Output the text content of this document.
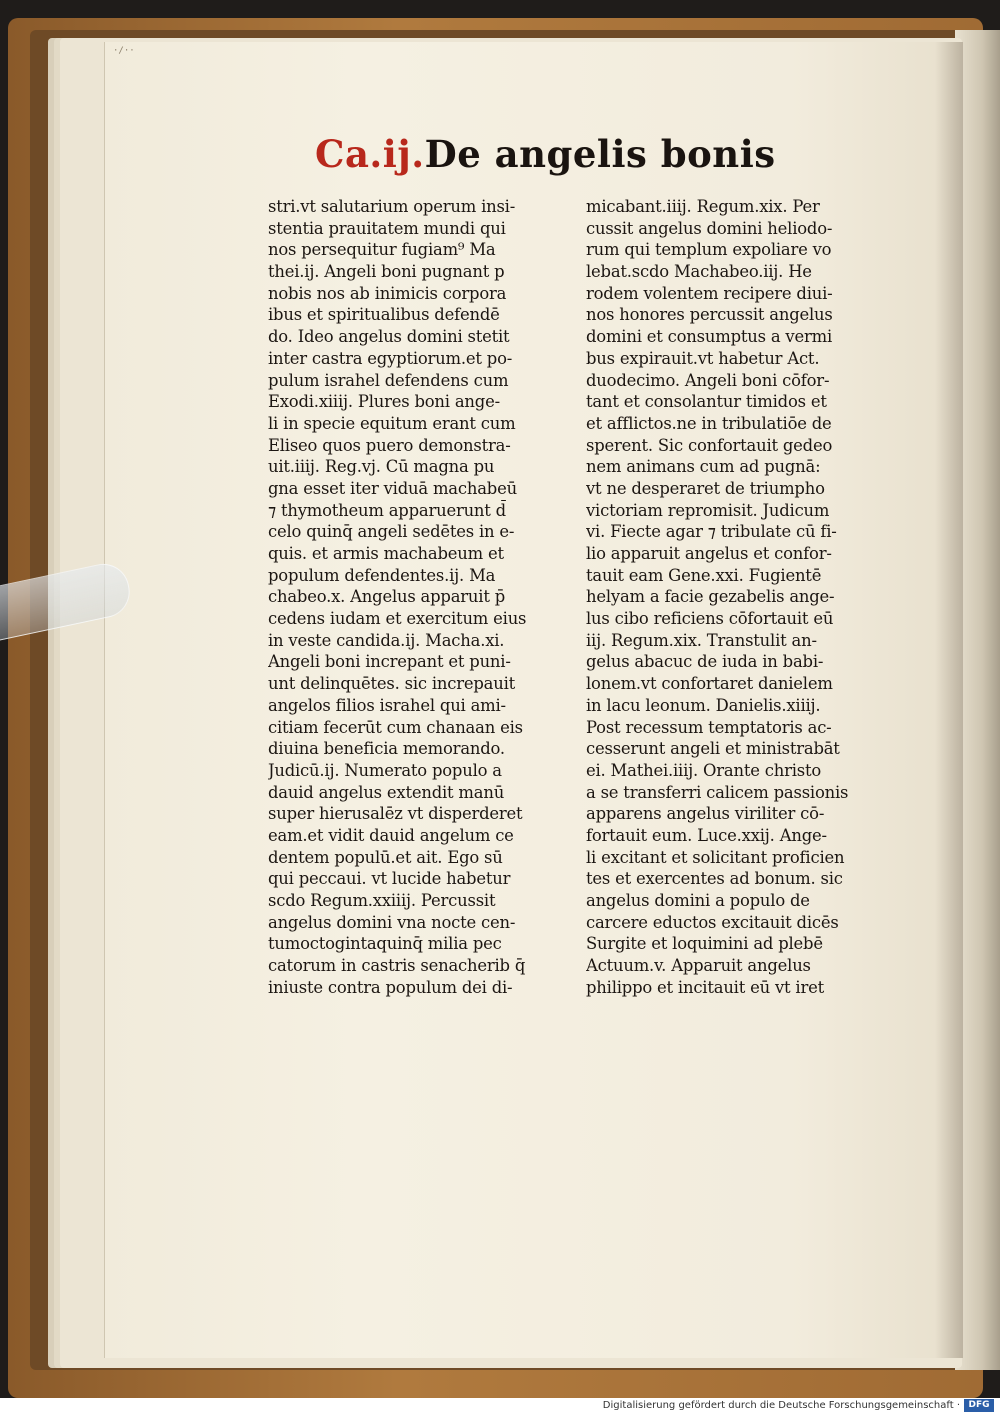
·/··
Ca.ij.De angelis bonis
stri.vt salutarium operum insi-
stentia prauitatem mundi qui
nos persequitur fugiam⁹ Ma
thei.ij. Angeli boni pugnant p
nobis nos ab inimicis corpora
ibus et spiritualibus defendē
do. Ideo angelus domini stetit
inter castra egyptiorum.et po-
pulum israhel defendens cum
Exodi.xiiij. Plures boni ange-
li in specie equitum erant cum
Eliseo quos puero demonstra-
uit.iiij. Reg.vj. Cū magna pu
gna esset iter viduā machabeū
⁊ thymotheum apparuerunt d̄
celo quinq̄ angeli sedētes in e-
quis. et armis machabeum et
populum defendentes.ij. Ma
chabeo.x. Angelus apparuit p̄
cedens iudam et exercitum eius
in veste candida.ij. Macha.xi.
Angeli boni increpant et puni-
unt delinquētes. sic increpauit
angelos filios israhel qui ami-
citiam fecerūt cum chanaan eis
diuina beneficia memorando.
Judicū.ij. Numerato populo a
dauid angelus extendit manū
super hierusalēz vt disperderet
eam.et vidit dauid angelum ce
dentem populū.et ait. Ego sū
qui peccaui. vt lucide habetur
scdo Regum.xxiiij. Percussit
angelus domini vna nocte cen-
tumoctogintaquinq̄ milia pec
catorum in castris senacherib q̄
iniuste contra populum dei di-
micabant.iiij. Regum.xix. Per
cussit angelus domini heliodo-
rum qui templum expoliare vo
lebat.scdo Machabeo.iij. He
rodem volentem recipere diui-
nos honores percussit angelus
domini et consumptus a vermi
bus expirauit.vt habetur Act.
duodecimo. Angeli boni cōfor-
tant et consolantur timidos et
et afflictos.ne in tribulatiōe de
sperent. Sic confortauit gedeo
nem animans cum ad pugnā:
vt ne desperaret de triumpho
victoriam repromisit. Judicum
vi. Fiecte agar ⁊ tribulate cū fi-
lio apparuit angelus et confor-
tauit eam Gene.xxi. Fugientē
helyam a facie gezabelis ange-
lus cibo reficiens cōfortauit eū
iij. Regum.xix. Transtulit an-
gelus abacuc de iuda in babi-
lonem.vt confortaret danielem
in lacu leonum. Danielis.xiiij.
Post recessum temptatoris ac-
cesserunt angeli et ministrabāt
ei. Mathei.iiij. Orante christo
a se transferri calicem passionis
apparens angelus viriliter cō-
fortauit eum. Luce.xxij. Ange-
li excitant et solicitant proficien
tes et exercentes ad bonum. sic
angelus domini a populo de
carcere eductos excitauit dicēs
Surgite et loquimini ad plebē
Actuum.v. Apparuit angelus
philippo et incitauit eū vt iret
Digitalisierung gefördert durch die Deutsche Forschungsgemeinschaft · DFG
